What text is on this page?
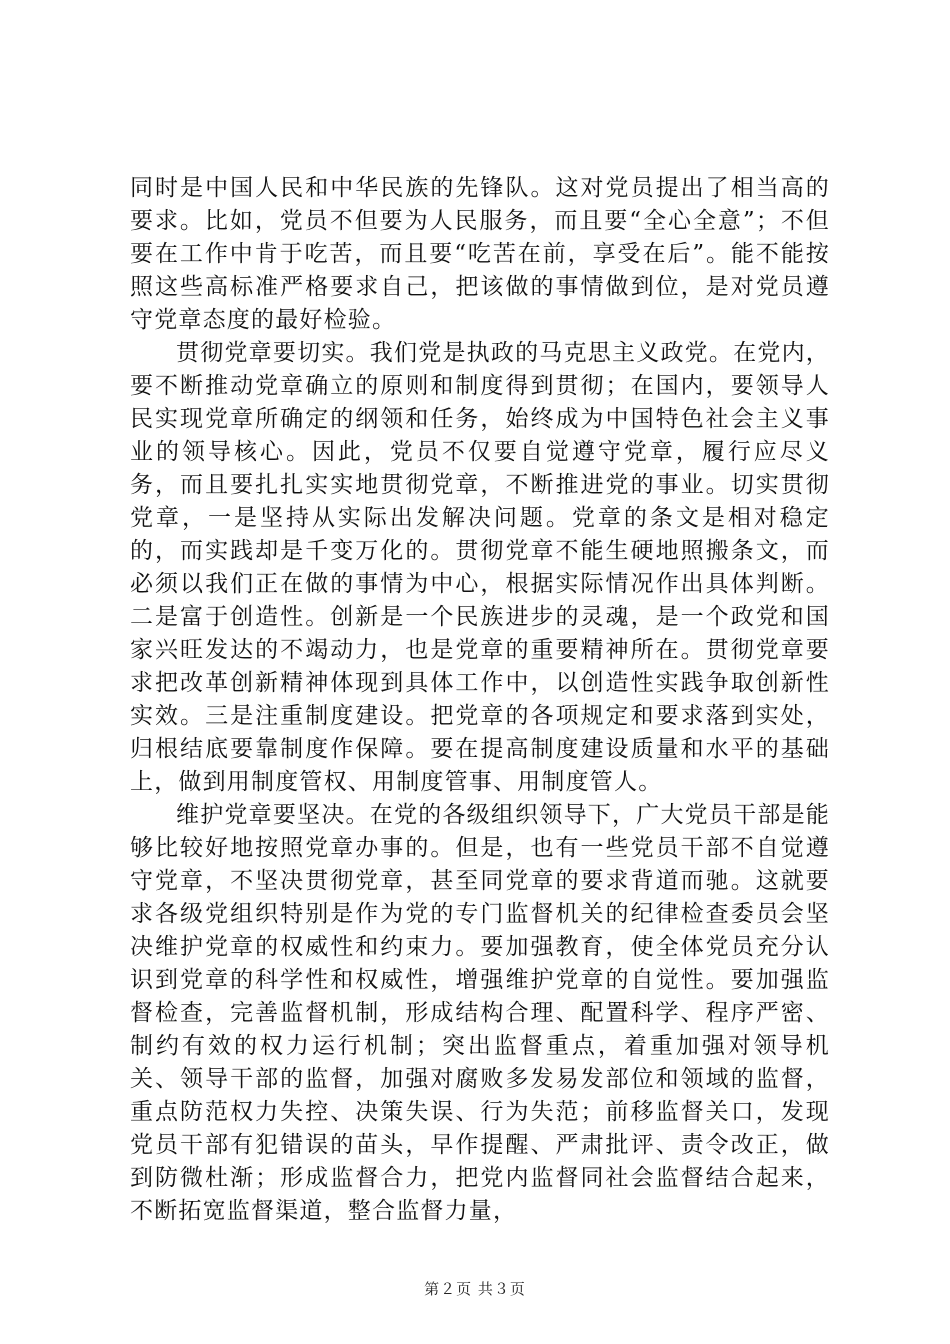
同时是中国人民和中华民族的先锋队。这对党员提出了相当高的要求。比如，党员不但要为人民服务，而且要“全心全意”；不但要在工作中肯于吃苦，而且要“吃苦在前，享受在后”。能不能按照这些高标准严格要求自己，把该做的事情做到位，是对党员遵守党章态度的最好检验。

贯彻党章要切实。我们党是执政的马克思主义政党。在党内，要不断推动党章确立的原则和制度得到贯彻；在国内，要领导人民实现党章所确定的纲领和任务，始终成为中国特色社会主义事业的领导核心。因此，党员不仅要自觉遵守党章，履行应尽义务，而且要扎扎实实地贯彻党章，不断推进党的事业。切实贯彻党章，一是坚持从实际出发解决问题。党章的条文是相对稳定的，而实践却是千变万化的。贯彻党章不能生硬地照搬条文，而必须以我们正在做的事情为中心，根据实际情况作出具体判断。二是富于创造性。创新是一个民族进步的灵魂，是一个政党和国家兴旺发达的不竭动力，也是党章的重要精神所在。贯彻党章要求把改革创新精神体现到具体工作中，以创造性实践争取创新性实效。三是注重制度建设。把党章的各项规定和要求落到实处，归根结底要靠制度作保障。要在提高制度建设质量和水平的基础上，做到用制度管权、用制度管事、用制度管人。

维护党章要坚决。在党的各级组织领导下，广大党员干部是能够比较好地按照党章办事的。但是，也有一些党员干部不自觉遵守党章，不坚决贯彻党章，甚至同党章的要求背道而驰。这就要求各级党组织特别是作为党的专门监督机关的纪律检查委员会坚决维护党章的权威性和约束力。要加强教育，使全体党员充分认识到党章的科学性和权威性，增强维护党章的自觉性。要加强监督检查，完善监督机制，形成结构合理、配置科学、程序严密、制约有效的权力运行机制；突出监督重点，着重加强对领导机关、领导干部的监督，加强对腐败多发易发部位和领域的监督，重点防范权力失控、决策失误、行为失范；前移监督关口，发现党员干部有犯错误的苗头，早作提醒、严肃批评、责令改正，做到防微杜渐；形成监督合力，把党内监督同社会监督结合起来，不断拓宽监督渠道，整合监督力量，

第２页 共３页
